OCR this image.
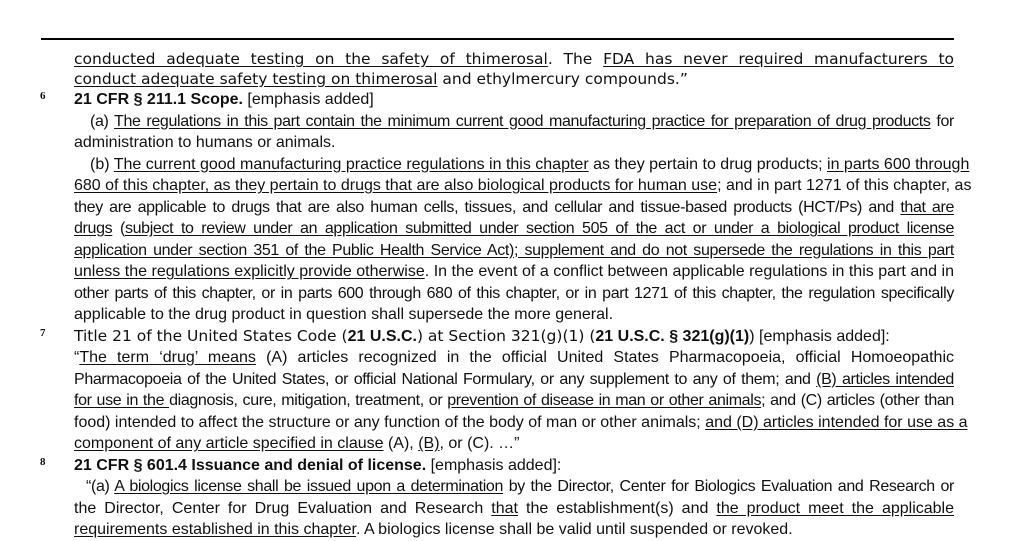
conducted adequate testing on the safety of thimerosal. The FDA has never required manufacturers to
conduct adequate safety testing on thimerosal and ethylmercury compounds.”
6 21 CFR § 211.1 Scope. [emphasis added]
(a) The regulations in this part contain the minimum current good manufacturing practice for preparation of drug products for
administration to humans or animals.
(b) The current good manufacturing practice regulations in this chapter as they pertain to drug products; in parts 600 through
680 of this chapter, as they pertain to drugs that are also biological products for human use; and in part 1271 of this chapter, as
they are applicable to drugs that are also human cells, tissues, and cellular and tissue-based products (HCT/Ps) and that are
drugs (subject to review under an application submitted under section 505 of the act or under a biological product license
application under section 351 of the Public Health Service Act); supplement and do not supersede the regulations in this part
unless the regulations explicitly provide otherwise. In the event of a conflict between applicable regulations in this part and in
other parts of this chapter, or in parts 600 through 680 of this chapter, or in part 1271 of this chapter, the regulation specifically
applicable to the drug product in question shall supersede the more general.
7 Title 21 of the United States Code (21 U.S.C.) at Section 321(g)(1) (21 U.S.C. § 321(g)(1)) [emphasis added]:
“The term ‘drug’ means (A) articles recognized in the official United States Pharmacopoeia, official Homoeopathic
Pharmacopoeia of the United States, or official National Formulary, or any supplement to any of them; and (B) articles intended
for use in the diagnosis, cure, mitigation, treatment, or prevention of disease in man or other animals; and (C) articles (other than
food) intended to affect the structure or any function of the body of man or other animals; and (D) articles intended for use as a
component of any article specified in clause (A), (B), or (C). …”
8 21 CFR § 601.4 Issuance and denial of license. [emphasis added]:
“(a) A biologics license shall be issued upon a determination by the Director, Center for Biologics Evaluation and Research or
the Director, Center for Drug Evaluation and Research that the establishment(s) and the product meet the applicable
requirements established in this chapter. A biologics license shall be valid until suspended or revoked.
